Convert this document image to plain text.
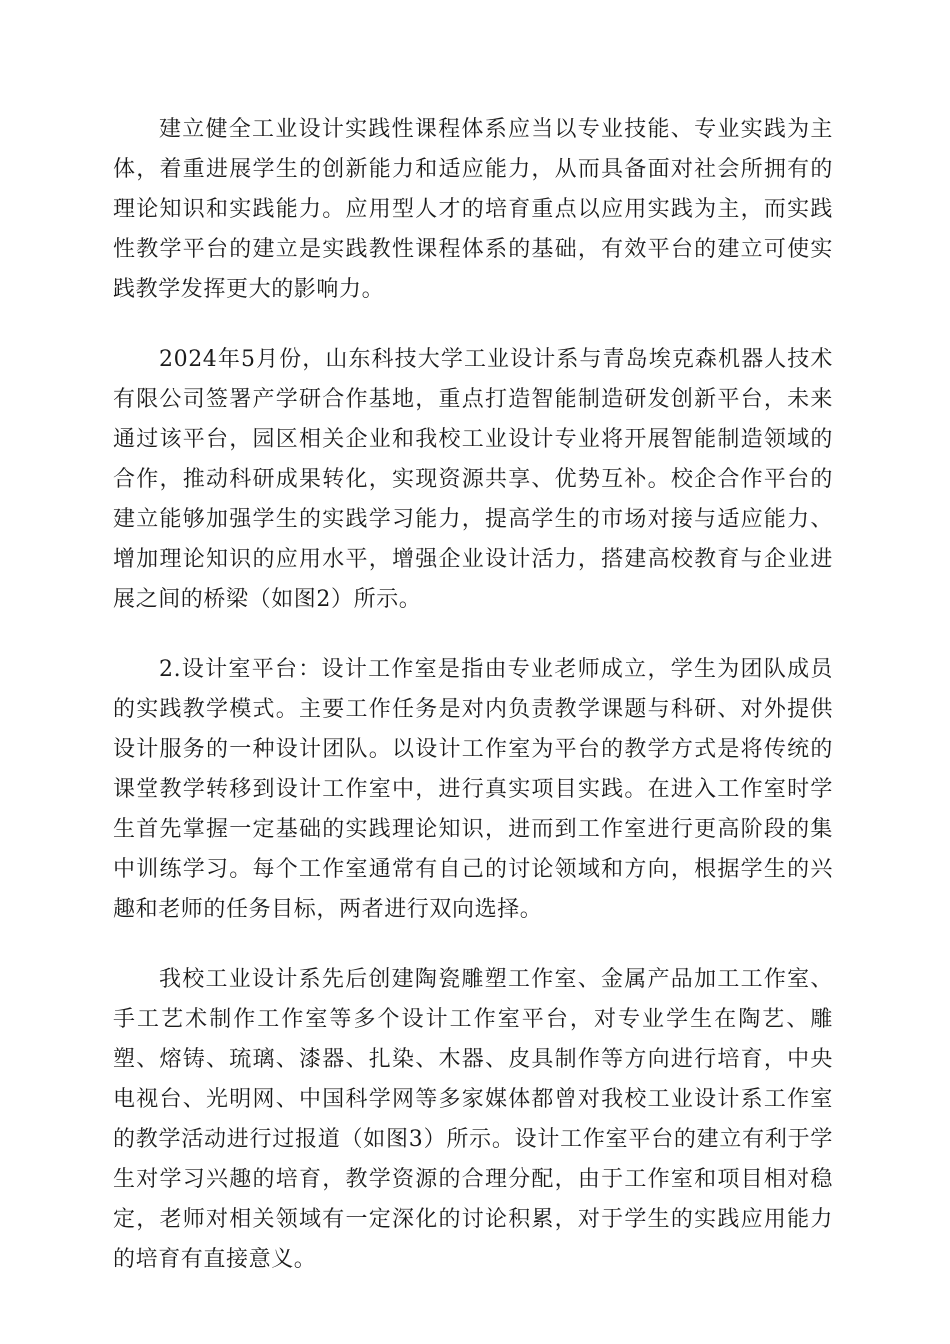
建立健全工业设计实践性课程体系应当以专业技能、专业实践为主体，着重进展学生的创新能力和适应能力，从而具备面对社会所拥有的理论知识和实践能力。应用型人才的培育重点以应用实践为主，而实践性教学平台的建立是实践教性课程体系的基础，有效平台的建立可使实践教学发挥更大的影响力。

2024年5月份，山东科技大学工业设计系与青岛埃克森机器人技术有限公司签署产学研合作基地，重点打造智能制造研发创新平台，未来通过该平台，园区相关企业和我校工业设计专业将开展智能制造领域的合作，推动科研成果转化，实现资源共享、优势互补。校企合作平台的建立能够加强学生的实践学习能力，提高学生的市场对接与适应能力、增加理论知识的应用水平，增强企业设计活力，搭建高校教育与企业进展之间的桥梁（如图2）所示。

2.设计室平台：设计工作室是指由专业老师成立，学生为团队成员的实践教学模式。主要工作任务是对内负责教学课题与科研、对外提供设计服务的一种设计团队。以设计工作室为平台的教学方式是将传统的课堂教学转移到设计工作室中，进行真实项目实践。在进入工作室时学生首先掌握一定基础的实践理论知识，进而到工作室进行更高阶段的集中训练学习。每个工作室通常有自己的讨论领域和方向，根据学生的兴趣和老师的任务目标，两者进行双向选择。

我校工业设计系先后创建陶瓷雕塑工作室、金属产品加工工作室、手工艺术制作工作室等多个设计工作室平台，对专业学生在陶艺、雕塑、熔铸、琉璃、漆器、扎染、木器、皮具制作等方向进行培育，中央电视台、光明网、中国科学网等多家媒体都曾对我校工业设计系工作室的教学活动进行过报道（如图3）所示。设计工作室平台的建立有利于学生对学习兴趣的培育，教学资源的合理分配，由于工作室和项目相对稳定，老师对相关领域有一定深化的讨论积累，对于学生的实践应用能力的培育有直接意义。
